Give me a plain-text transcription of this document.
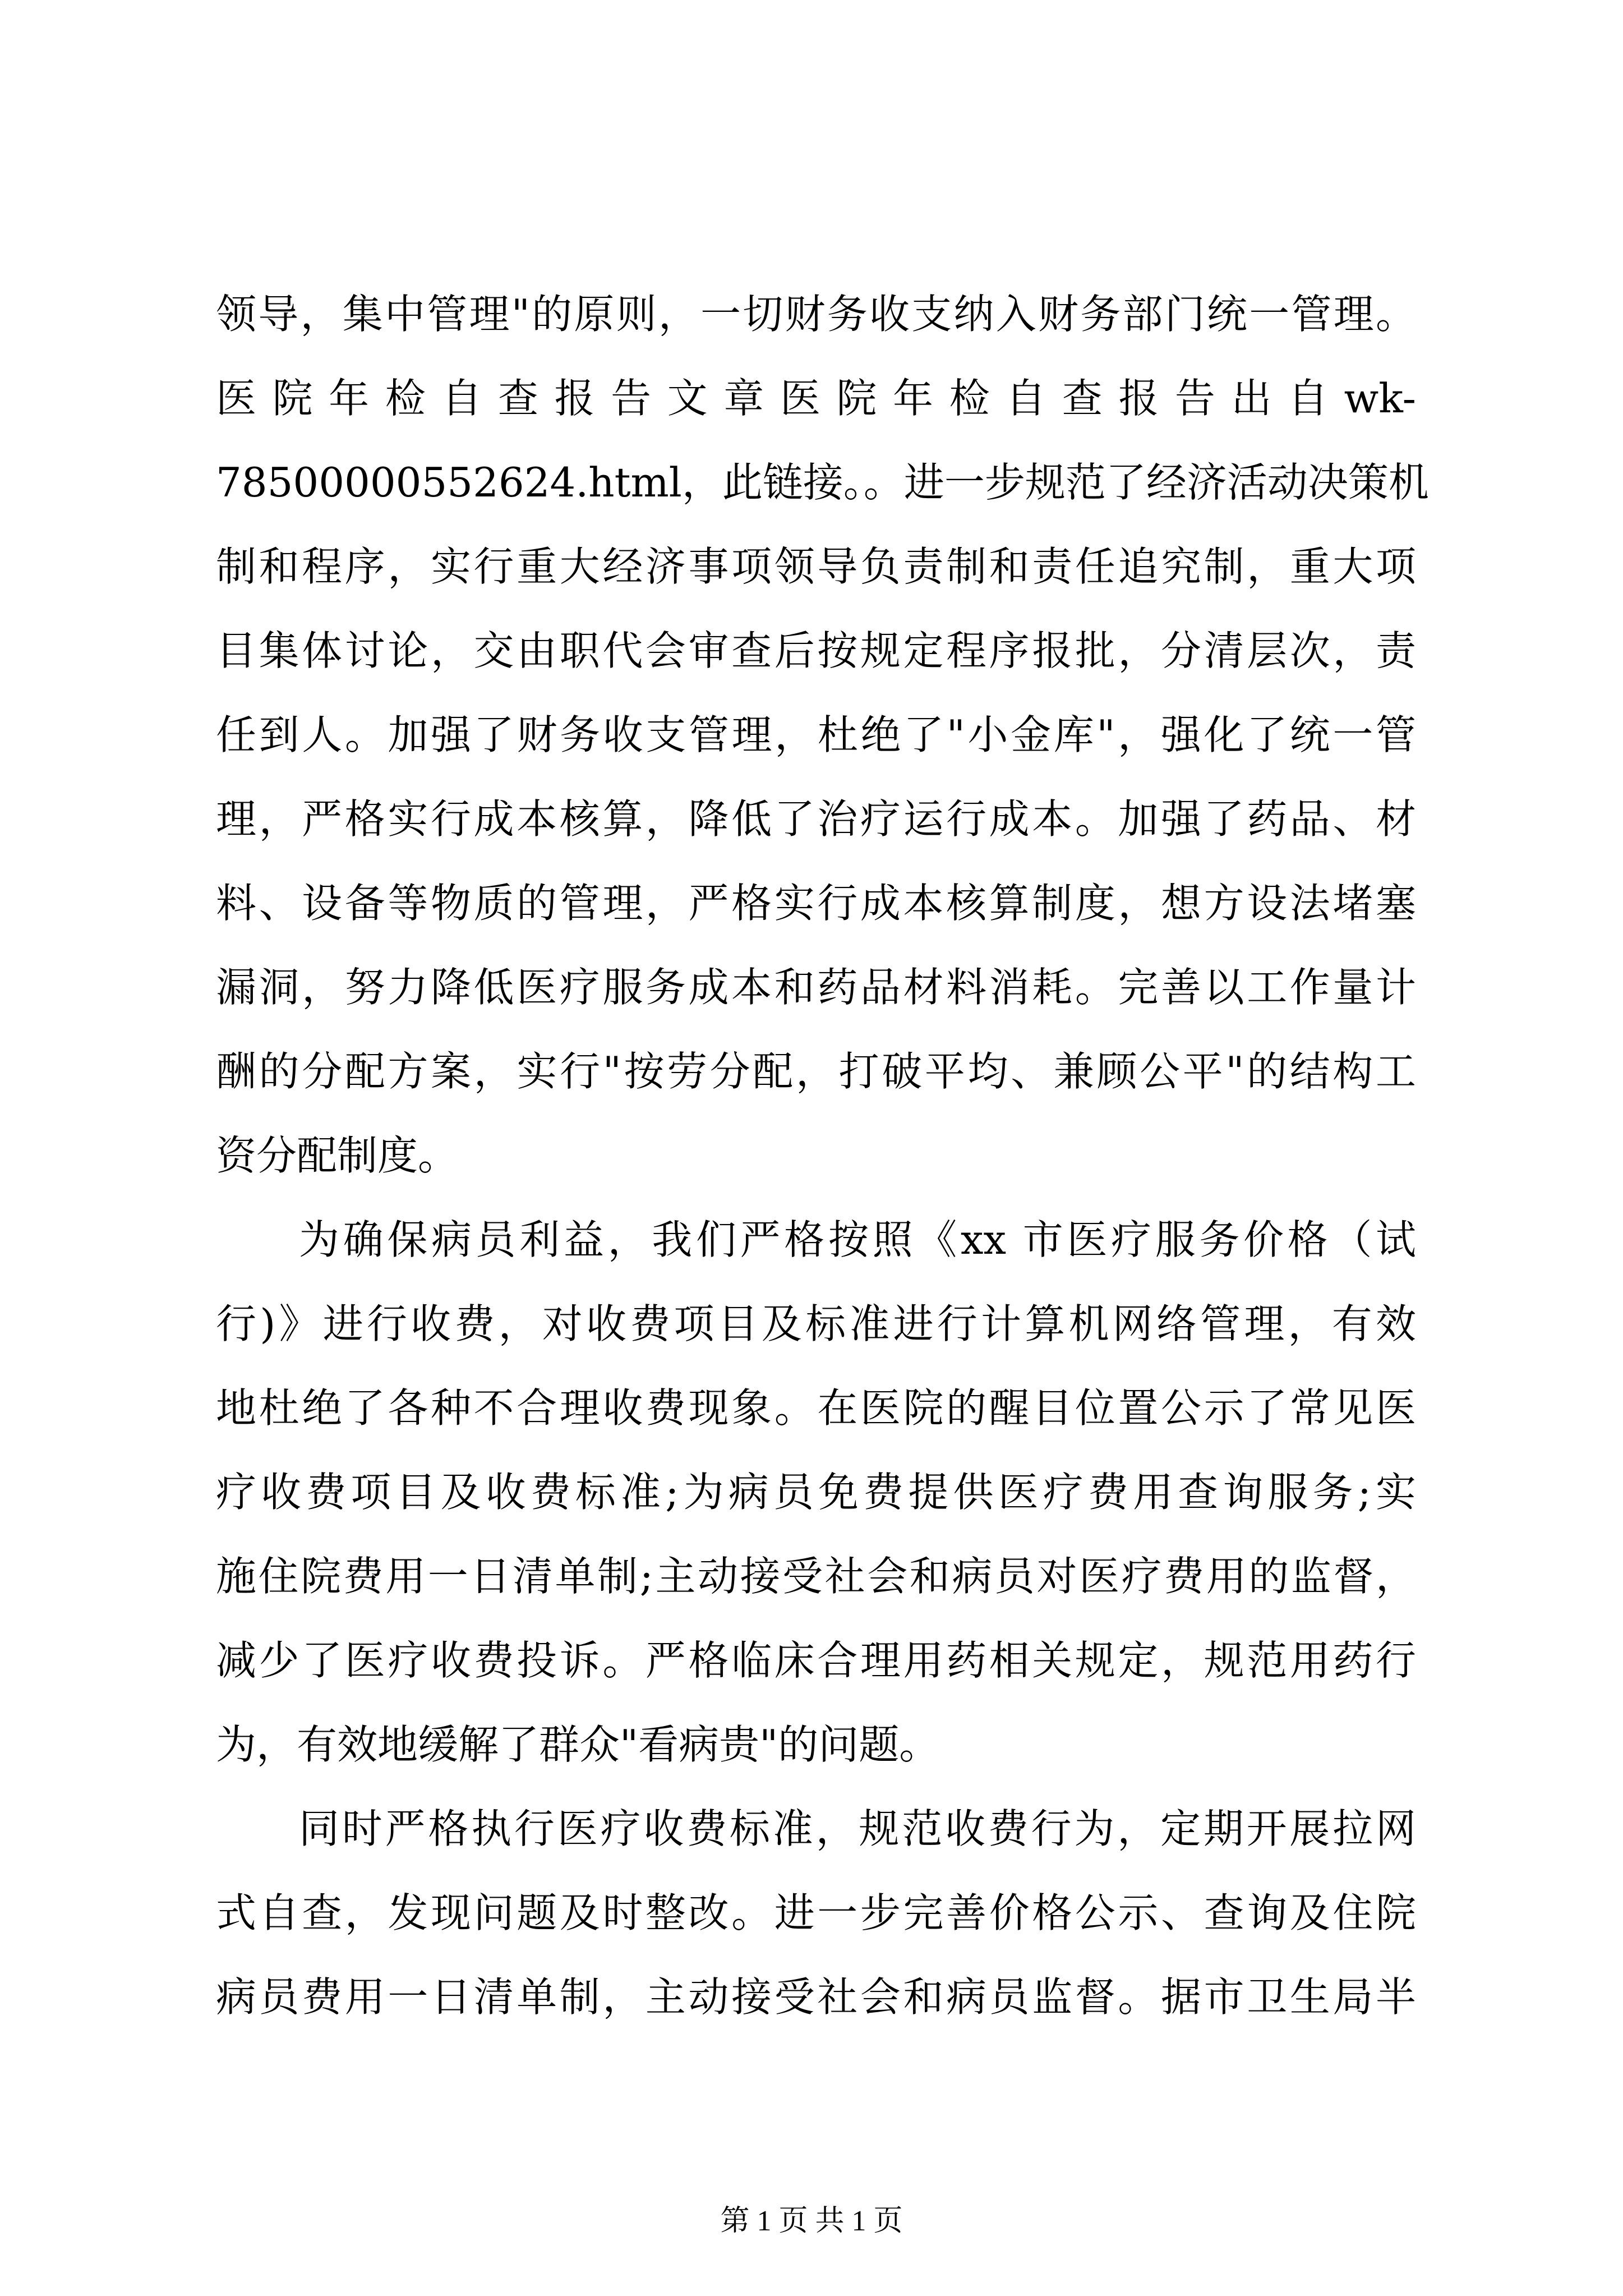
领导，集中管理"的原则，一切财务收支纳入财务部门统一管理。
医 院 年 检 自 查 报 告 文 章 医 院 年 检 自 查 报 告 出 自 wk-
78500000552624.html，此链接。。进一步规范了经济活动决策机
制和程序，实行重大经济事项领导负责制和责任追究制，重大项
目集体讨论，交由职代会审查后按规定程序报批，分清层次，责
任到人。加强了财务收支管理，杜绝了"小金库"，强化了统一管
理，严格实行成本核算，降低了治疗运行成本。加强了药品、材
料、设备等物质的管理，严格实行成本核算制度，想方设法堵塞
漏洞，努力降低医疗服务成本和药品材料消耗。完善以工作量计
酬的分配方案，实行"按劳分配，打破平均、兼顾公平"的结构工
资分配制度。
为确保病员利益，我们严格按照《xx 市医疗服务价格（试
行)》进行收费，对收费项目及标准进行计算机网络管理，有效
地杜绝了各种不合理收费现象。在医院的醒目位置公示了常见医
疗收费项目及收费标准;为病员免费提供医疗费用查询服务;实
施住院费用一日清单制;主动接受社会和病员对医疗费用的监督，
减少了医疗收费投诉。严格临床合理用药相关规定，规范用药行
为，有效地缓解了群众"看病贵"的问题。
同时严格执行医疗收费标准，规范收费行为，定期开展拉网
式自查，发现问题及时整改。进一步完善价格公示、查询及住院
病员费用一日清单制，主动接受社会和病员监督。据市卫生局半
第 1 页 共 1 页
